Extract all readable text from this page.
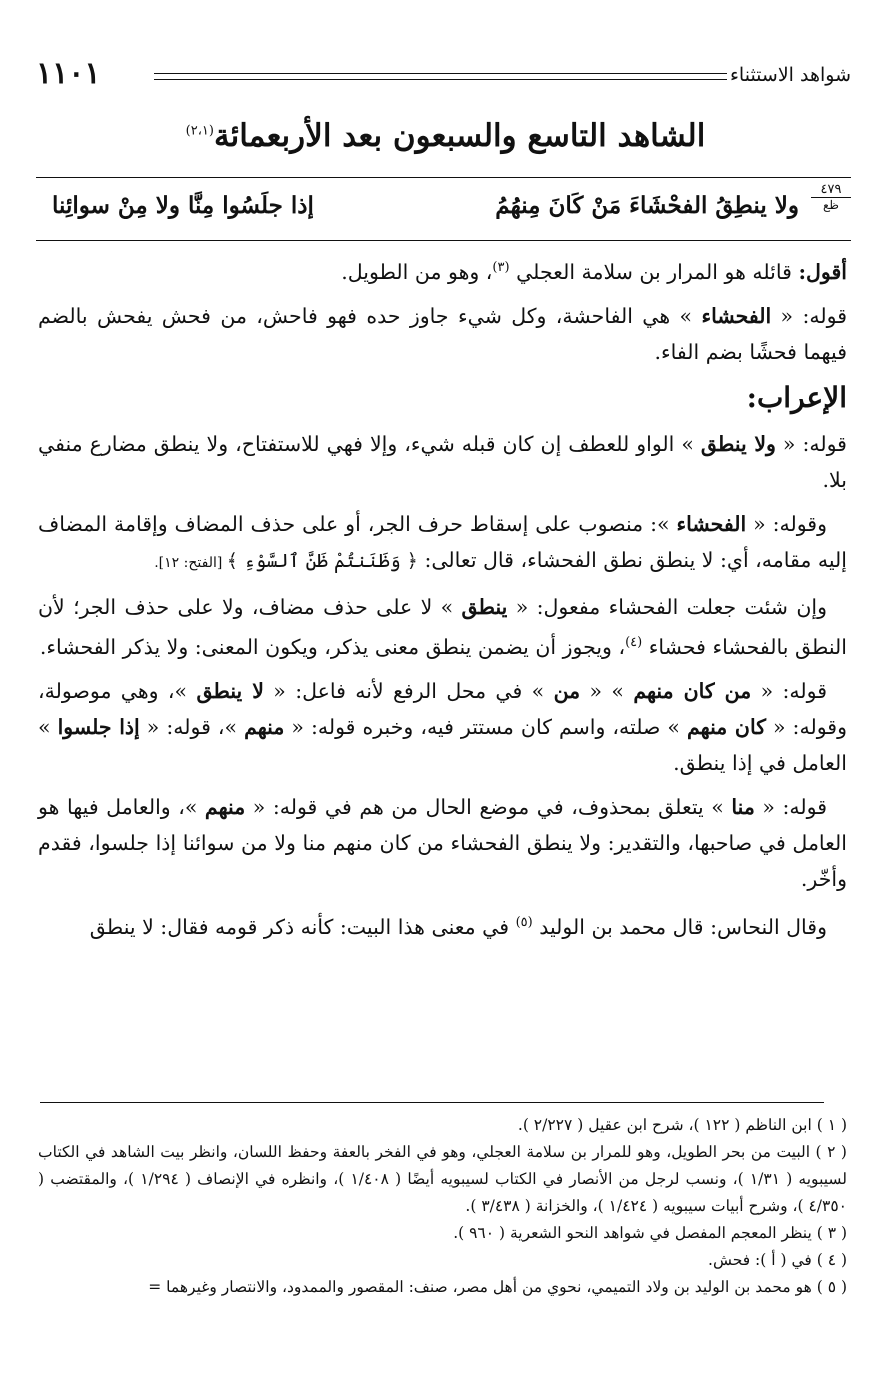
شواهد الاستثناء
١١٠١
الشاهد التاسع والسبعون بعد الأربعمائة$^{(٢،١)}$
٤٧٩
ظع
ولا ينطِقُ الفحْشَاءَ مَنْ كَانَ مِنهُمُ
إذا جلَسُوا مِنَّا ولا مِنْ سوائِنا

أقول: قائله هو المرار بن سلامة العجلي $^{(٣)}$، وهو من الطويل.

قوله: « الفحشاء » هي الفاحشة، وكل شيء جاوز حده فهو فاحش، من فحش يفحش بالضم فيهما فحشًا بضم الفاء.

الإعراب:

قوله: « ولا ينطق » الواو للعطف إن كان قبله شيء، وإلا فهي للاستفتاح، ولا ينطق مضارع منفي بلا.

وقوله: « الفحشاء »: منصوب على إسقاط حرف الجر، أو على حذف المضاف وإقامة المضاف إليه مقامه، أي: لا ينطق نطق الفحشاء، قال تعالى: ﴿ وَظَنَنتُمْ ظَنَّ ٱلسَّوْءِ ﴾ [الفتح: ١٢].

وإن شئت جعلت الفحشاء مفعول: « ينطق » لا على حذف مضاف، ولا على حذف الجر؛ لأن النطق بالفحشاء فحشاء $^{(٤)}$، ويجوز أن يضمن ينطق معنى يذكر، ويكون المعنى: ولا يذكر الفحشاء.

قوله: « من كان منهم » « من » في محل الرفع لأنه فاعل: « لا ينطق »، وهي موصولة، وقوله: « كان منهم » صلته، واسم كان مستتر فيه، وخبره قوله: « منهم »، قوله: « إذا جلسوا » العامل في إذا ينطق.

قوله: « منا » يتعلق بمحذوف، في موضع الحال من هم في قوله: « منهم »، والعامل فيها هو العامل في صاحبها، والتقدير: ولا ينطق الفحشاء من كان منهم منا ولا من سوائنا إذا جلسوا، فقدم وأخّر.

وقال النحاس: قال محمد بن الوليد $^{(٥)}$ في معنى هذا البيت: كأنه ذكر قومه فقال: لا ينطق

( ١ ) ابن الناظم ( ١٢٢ )، شرح ابن عقيل ( ٢/٢٢٧ ).

( ٢ ) البيت من بحر الطويل، وهو للمرار بن سلامة العجلي، وهو في الفخر بالعفة وحفظ اللسان، وانظر بيت الشاهد في الكتاب لسيبويه ( ١/٣١ )، ونسب لرجل من الأنصار في الكتاب لسيبويه أيضًا ( ١/٤٠٨ )، وانظره في الإنصاف ( ١/٢٩٤ )، والمقتضب ( ٤/٣٥٠ )، وشرح أبيات سيبويه ( ١/٤٢٤ )، والخزانة ( ٣/٤٣٨ ).

( ٣ ) ينظر المعجم المفصل في شواهد النحو الشعرية ( ٩٦٠ ).

( ٤ ) في ( أ ): فحش.

( ٥ ) هو محمد بن الوليد بن ولاد التميمي، نحوي من أهل مصر، صنف: المقصور والممدود، والانتصار وغيرهما =
